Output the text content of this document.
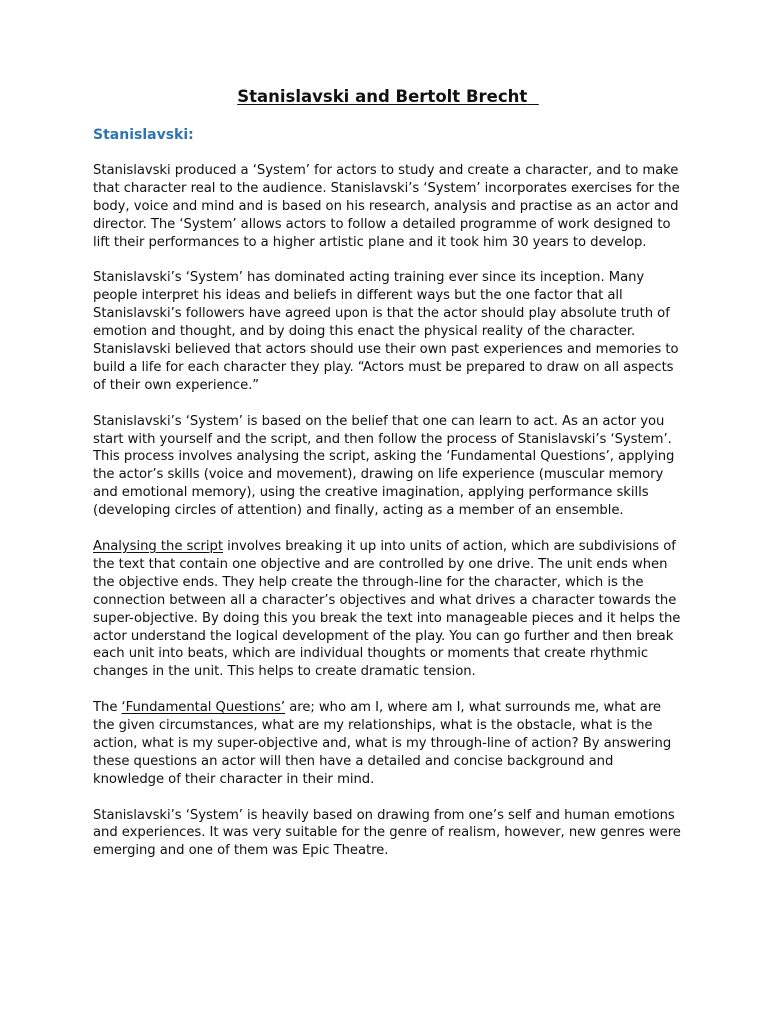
Stanislavski and Bertolt Brecht
Stanislavski:

Stanislavski produced a ‘System’ for actors to study and create a character, and to make that character real to the audience. Stanislavski’s ‘System’ incorporates exercises for the body, voice and mind and is based on his research, analysis and practise as an actor and director. The ‘System’ allows actors to follow a detailed programme of work designed to lift their performances to a higher artistic plane and it took him 30 years to develop.

Stanislavski’s ‘System’ has dominated acting training ever since its inception. Many people interpret his ideas and beliefs in different ways but the one factor that all Stanislavski’s followers have agreed upon is that the actor should play absolute truth of emotion and thought, and by doing this enact the physical reality of the character. Stanislavski believed that actors should use their own past experiences and memories to build a life for each character they play. “Actors must be prepared to draw on all aspects of their own experience.”

Stanislavski’s ‘System’ is based on the belief that one can learn to act. As an actor you start with yourself and the script, and then follow the process of Stanislavski’s ‘System’. This process involves analysing the script, asking the ‘Fundamental Questions’, applying the actor’s skills (voice and movement), drawing on life experience (muscular memory and emotional memory), using the creative imagination, applying performance skills (developing circles of attention) and finally, acting as a member of an ensemble.

Analysing the script involves breaking it up into units of action, which are subdivisions of the text that contain one objective and are controlled by one drive. The unit ends when the objective ends. They help create the through-line for the character, which is the connection between all a character’s objectives and what drives a character towards the super-objective. By doing this you break the text into manageable pieces and it helps the actor understand the logical development of the play. You can go further and then break each unit into beats, which are individual thoughts or moments that create rhythmic changes in the unit. This helps to create dramatic tension.

The ‘Fundamental Questions’ are; who am I, where am I, what surrounds me, what are the given circumstances, what are my relationships, what is the obstacle, what is the action, what is my super-objective and, what is my through-line of action? By answering these questions an actor will then have a detailed and concise background and knowledge of their character in their mind.

Stanislavski’s ‘System’ is heavily based on drawing from one’s self and human emotions and experiences. It was very suitable for the genre of realism, however, new genres were emerging and one of them was Epic Theatre.
